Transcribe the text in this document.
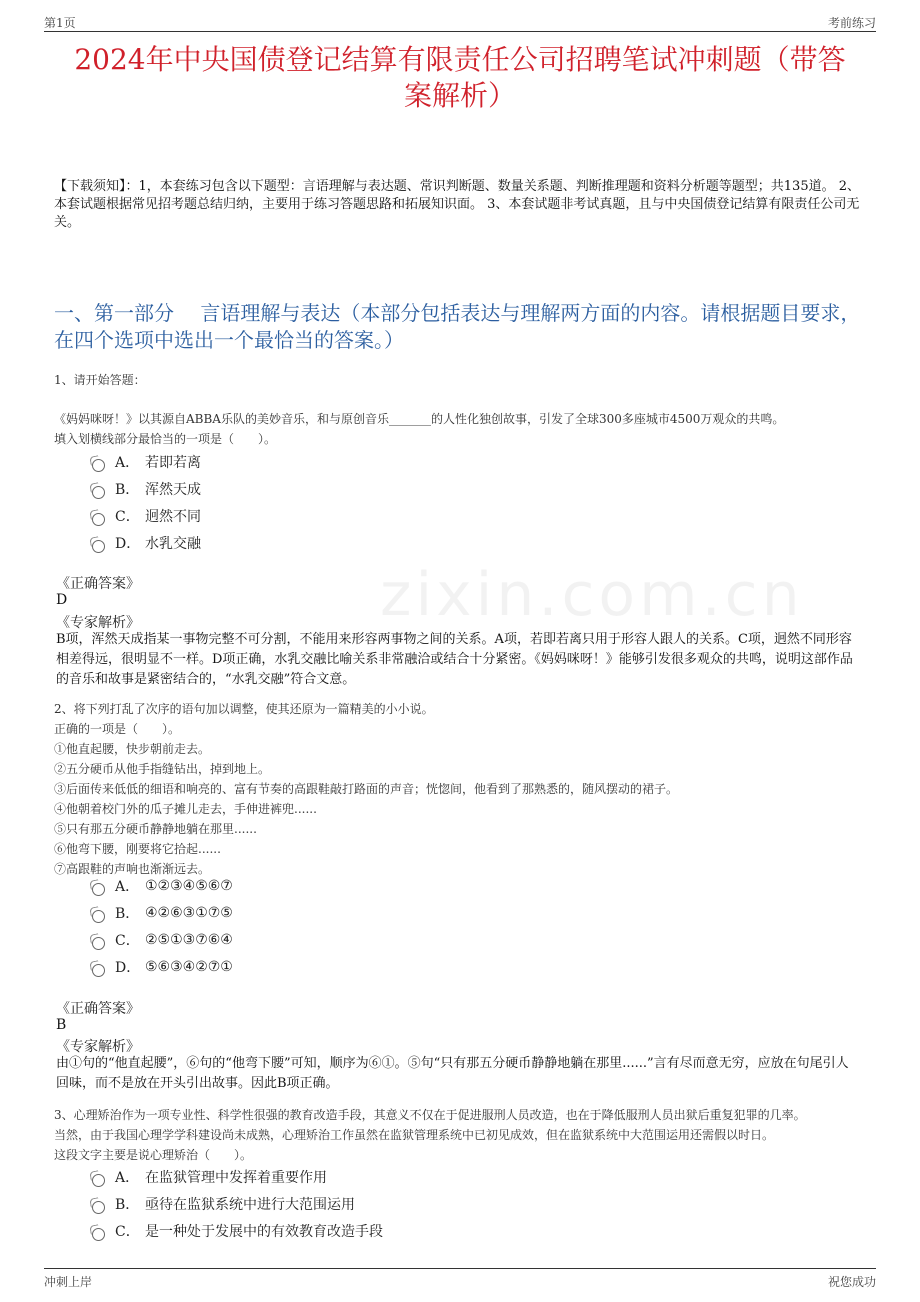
第1页	考前练习
zixin.com.cn
2024年中央国债登记结算有限责任公司招聘笔试冲刺题（带答
案解析）
【下载须知】：1，本套练习包含以下题型：言语理解与表达题、常识判断题、数量关系题、判断推理题和资料分析题等题型；共135道。 2、本套试题根据常见招考题总结归纳，主要用于练习答题思路和拓展知识面。 3、本套试题非考试真题，且与中央国债登记结算有限责任公司无关。
一、第一部分　 言语理解与表达（本部分包括表达与理解两方面的内容。请根据题目要求，在四个选项中选出一个最恰当的答案。）
1、请开始答题：
《妈妈咪呀！》以其源自ABBA乐队的美妙音乐，和与原创音乐_______的人性化独创故事，引发了全球300多座城市4500万观众的共鸣。
填入划横线部分最恰当的一项是（　　）。
A． 若即若离
B． 浑然天成
C． 迥然不同
D． 水乳交融
《正确答案》
D
《专家解析》
B项，浑然天成指某一事物完整不可分割，不能用来形容两事物之间的关系。A项，若即若离只用于形容人跟人的关系。C项，迥然不同形容相差得远，很明显不一样。D项正确，水乳交融比喻关系非常融洽或结合十分紧密。《妈妈咪呀！》能够引发很多观众的共鸣，说明这部作品的音乐和故事是紧密结合的，“水乳交融”符合文意。
2、将下列打乱了次序的语句加以调整，使其还原为一篇精美的小小说。
正确的一项是（　　）。
①他直起腰，快步朝前走去。
②五分硬币从他手指缝钻出，掉到地上。
③后面传来低低的细语和响亮的、富有节奏的高跟鞋敲打路面的声音；恍惚间，他看到了那熟悉的，随风摆动的裙子。
④他朝着校门外的瓜子摊儿走去，手伸进裤兜......
⑤只有那五分硬币静静地躺在那里......
⑥他弯下腰，刚要将它拾起......
⑦高跟鞋的声响也渐渐远去。
A． ①②③④⑤⑥⑦
B． ④②⑥③①⑦⑤
C． ②⑤①③⑦⑥④
D． ⑤⑥③④②⑦①
《正确答案》
B
《专家解析》
由①句的“他直起腰”，⑥句的“他弯下腰”可知，顺序为⑥①。⑤句“只有那五分硬币静静地躺在那里......”言有尽而意无穷，应放在句尾引人回味，而不是放在开头引出故事。因此B项正确。
3、心理矫治作为一项专业性、科学性很强的教育改造手段，其意义不仅在于促进服刑人员改造，也在于降低服刑人员出狱后重复犯罪的几率。
当然，由于我国心理学学科建设尚未成熟，心理矫治工作虽然在监狱管理系统中已初见成效，但在监狱系统中大范围运用还需假以时日。
这段文字主要是说心理矫治（　　）。
A． 在监狱管理中发挥着重要作用
B． 亟待在监狱系统中进行大范围运用
C． 是一种处于发展中的有效教育改造手段
冲刺上岸	祝您成功
